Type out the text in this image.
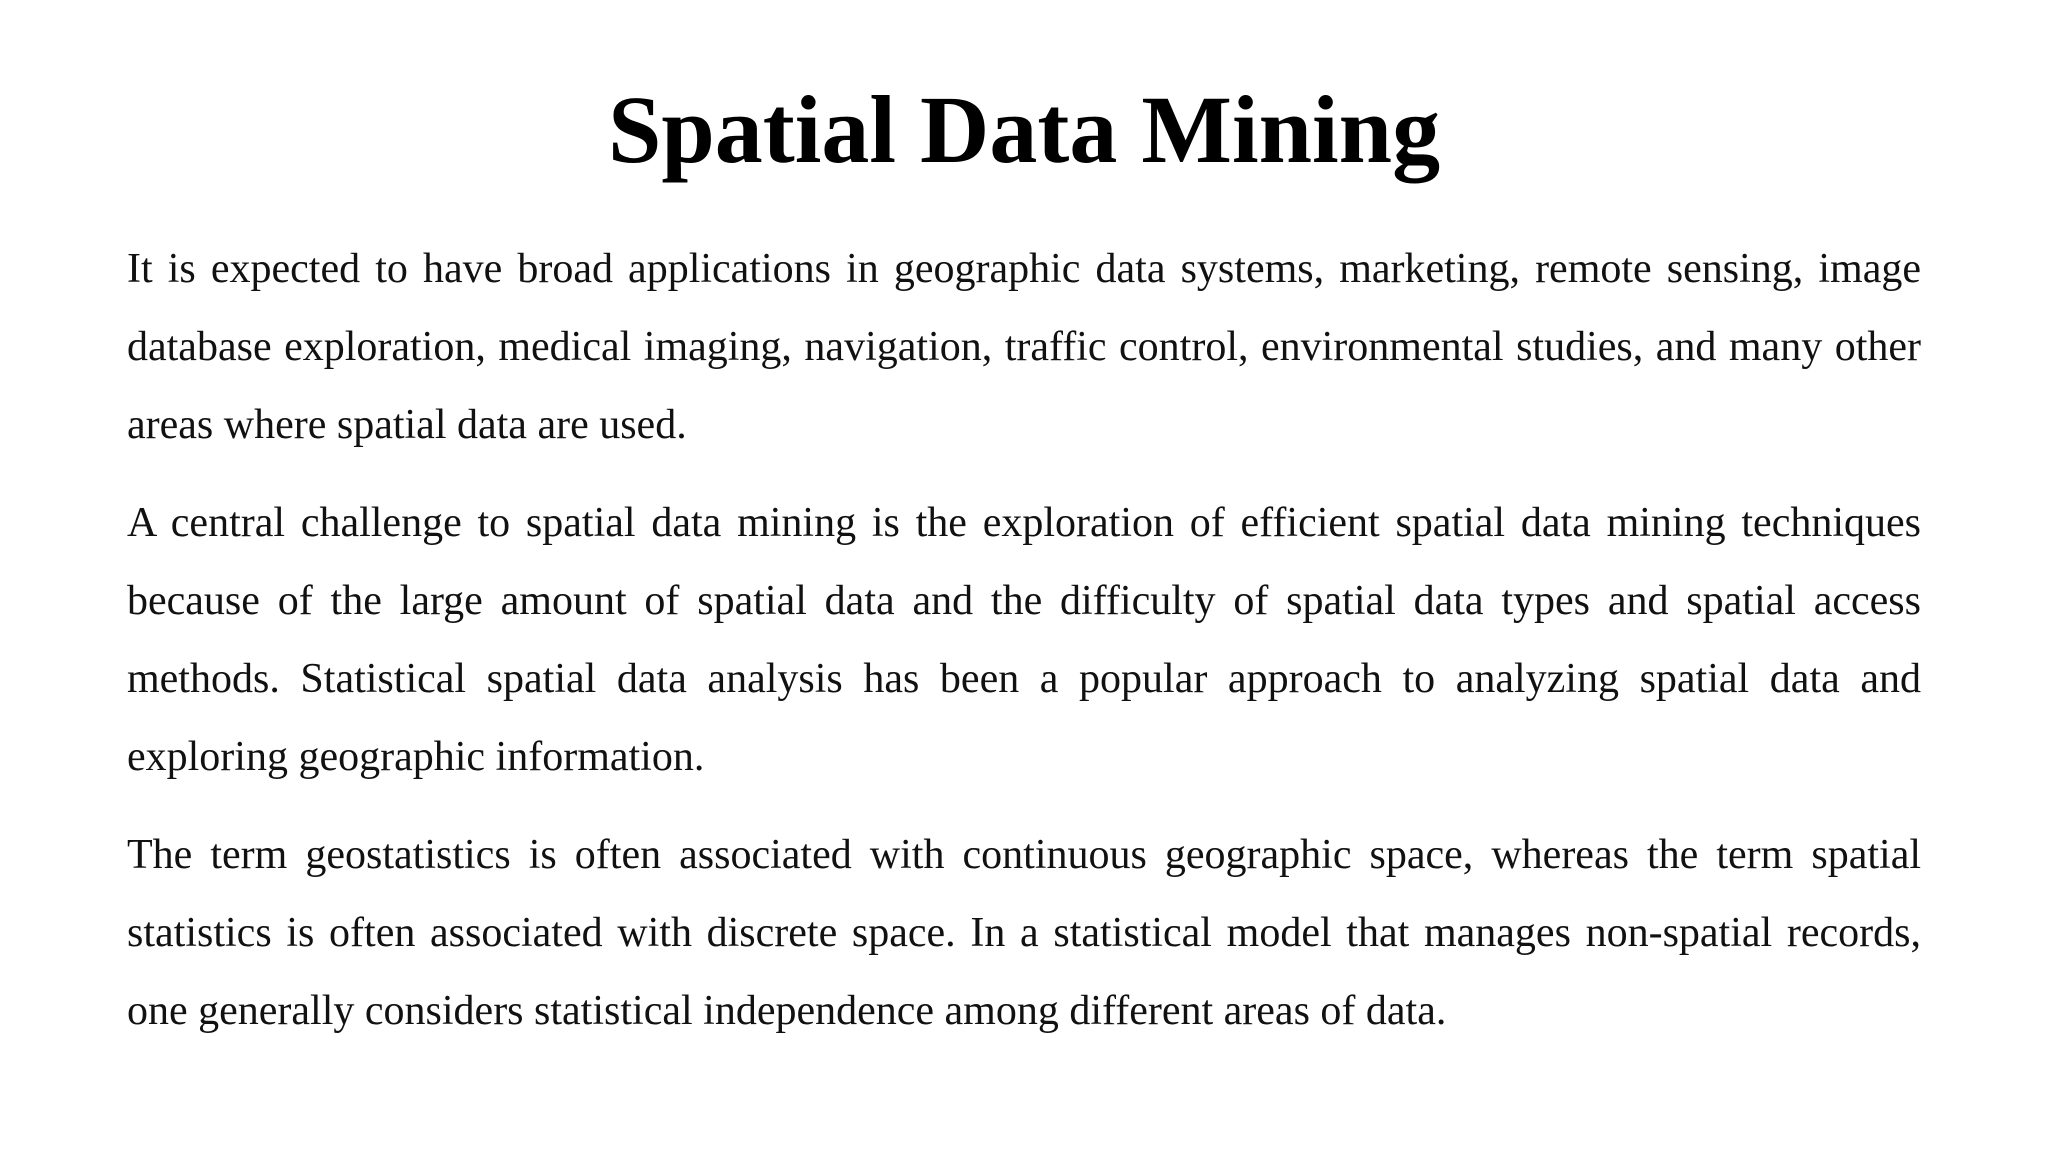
Spatial Data Mining

It is expected to have broad applications in geographic data systems, marketing, remote sensing, image database exploration, medical imaging, navigation, traffic control, environmental studies, and many other areas where spatial data are used.

A central challenge to spatial data mining is the exploration of efficient spatial data mining techniques because of the large amount of spatial data and the difficulty of spatial data types and spatial access methods. Statistical spatial data analysis has been a popular approach to analyzing spatial data and exploring geographic information.

The term geostatistics is often associated with continuous geographic space, whereas the term spatial statistics is often associated with discrete space. In a statistical model that manages non-spatial records, one generally considers statistical independence among different areas of data.
